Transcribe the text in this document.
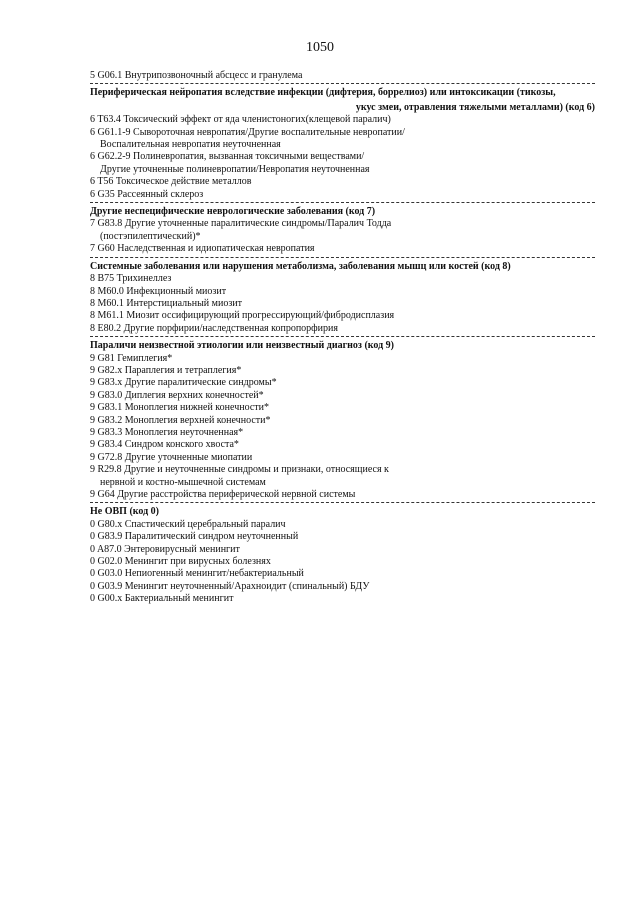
1050
5 G06.1 Внутрипозвоночный абсцесс и гранулема
Периферическая нейропатия вследствие инфекции (дифтерия, боррелиоз) или интоксикации (тикозы,
укус змеи, отравления тяжелыми металлами) (код 6)
6 T63.4 Токсический эффект от яда членистоногих(клещевой паралич)
6 G61.1-9 Сывороточная невропатия/Другие воспалительные невропатии/
Воспалительная невропатия неуточненная
6 G62.2-9 Полиневропатия, вызванная токсичными веществами/
Другие уточненные полиневропатии/Невропатия неуточненная
6 T56 Токсическое действие металлов
6 G35 Рассеянный склероз
Другие неспецифические неврологические заболевания (код 7)
7 G83.8 Другие уточненные паралитические синдромы/Паралич Тодда
(постэпилептический)*
7 G60 Наследственная и идиопатическая невропатия
Системные заболевания или нарушения метаболизма, заболевания мышц или костей (код 8)
8 B75 Трихинеллез
8 M60.0 Инфекционный миозит
8 M60.1 Интерстициальный миозит
8 M61.1 Миозит оссифицирующий прогрессирующий/фибродисплазия
8 E80.2 Другие порфирии/наследственная копропорфирия
Параличи неизвестной этиологии или неизвестный диагноз (код 9)
9 G81 Гемиплегия*
9 G82.x Параплегия и тетраплегия*
9 G83.x Другие паралитические синдромы*
9 G83.0 Диплегия верхних конечностей*
9 G83.1 Моноплегия нижней конечности*
9 G83.2 Моноплегия верхней конечности*
9 G83.3 Моноплегия неуточненная*
9 G83.4 Синдром конского хвоста*
9 G72.8 Другие уточненные миопатии
9 R29.8 Другие и неуточненные синдромы и признаки, относящиеся к
нервной и костно-мышечной системам
9 G64 Другие расстройства периферической нервной системы
Не ОВП (код 0)
0 G80.x Спастический церебральный паралич
0 G83.9 Паралитический синдром неуточненный
0 A87.0 Энтеровирусный менингит
0 G02.0 Менингит при вирусных болезнях
0 G03.0 Непиогенный менингит/небактериальный
0 G03.9 Менингит неуточненный/Арахноидит (спинальный) БДУ
0 G00.x Бактериальный менингит
